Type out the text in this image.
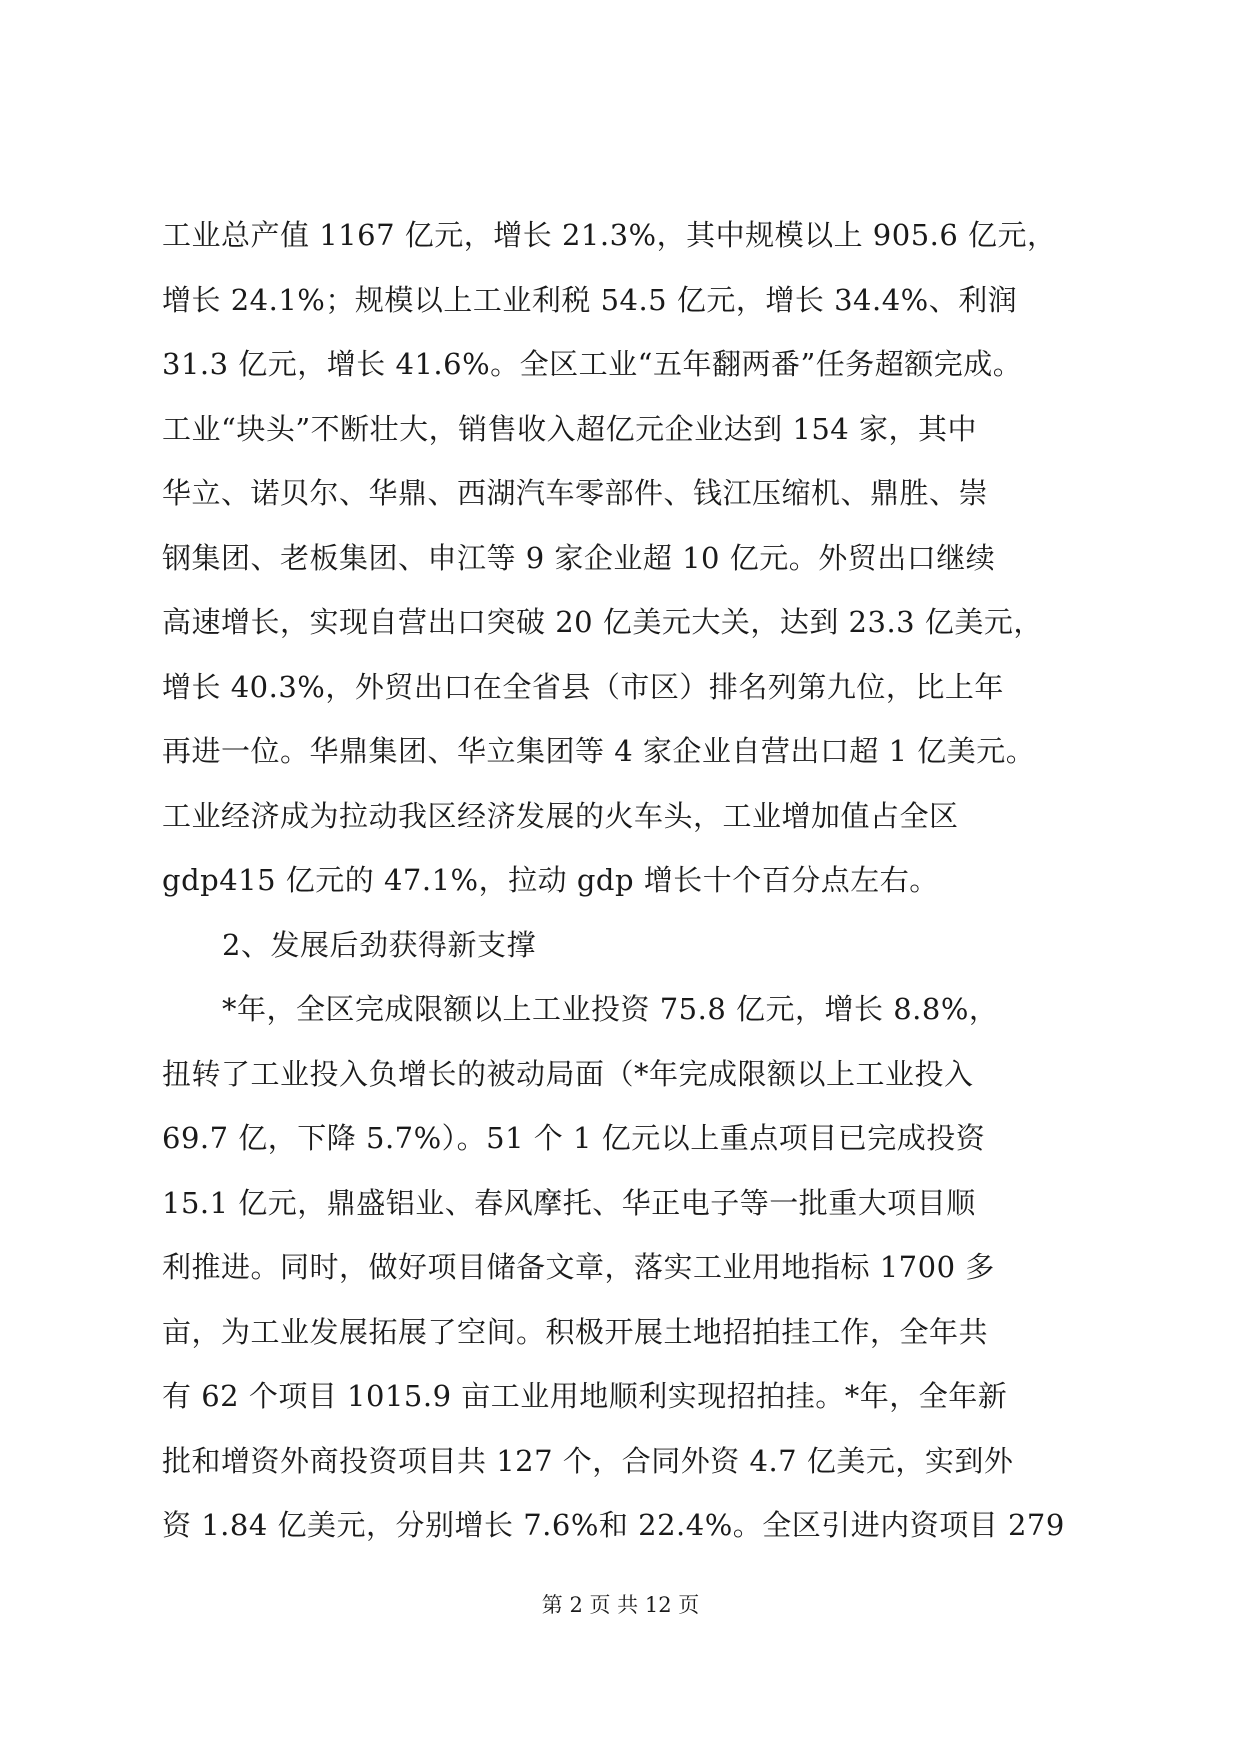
工业总产值 1167 亿元，增长 21.3%，其中规模以上 905.6 亿元，
增长 24.1%；规模以上工业利税 54.5 亿元，增长 34.4%、利润
31.3 亿元，增长 41.6%。全区工业“五年翻两番”任务超额完成。
工业“块头”不断壮大，销售收入超亿元企业达到 154 家，其中
华立、诺贝尔、华鼎、西湖汽车零部件、钱江压缩机、鼎胜、崇
钢集团、老板集团、申江等 9 家企业超 10 亿元。外贸出口继续
高速增长，实现自营出口突破 20 亿美元大关，达到 23.3 亿美元，
增长 40.3%，外贸出口在全省县（市区）排名列第九位，比上年
再进一位。华鼎集团、华立集团等 4 家企业自营出口超 1 亿美元。
工业经济成为拉动我区经济发展的火车头，工业增加值占全区
gdp415 亿元的 47.1%，拉动 gdp 增长十个百分点左右。
2、发展后劲获得新支撑
*年，全区完成限额以上工业投资 75.8 亿元，增长 8.8%，
扭转了工业投入负增长的被动局面（*年完成限额以上工业投入
69.7 亿，下降 5.7%）。51 个 1 亿元以上重点项目已完成投资
15.1 亿元，鼎盛铝业、春风摩托、华正电子等一批重大项目顺
利推进。同时，做好项目储备文章，落实工业用地指标 1700 多
亩，为工业发展拓展了空间。积极开展土地招拍挂工作，全年共
有 62 个项目 1015.9 亩工业用地顺利实现招拍挂。*年，全年新
批和增资外商投资项目共 127 个，合同外资 4.7 亿美元，实到外
资 1.84 亿美元，分别增长 7.6%和 22.4%。全区引进内资项目 279
第 2 页 共 12 页
